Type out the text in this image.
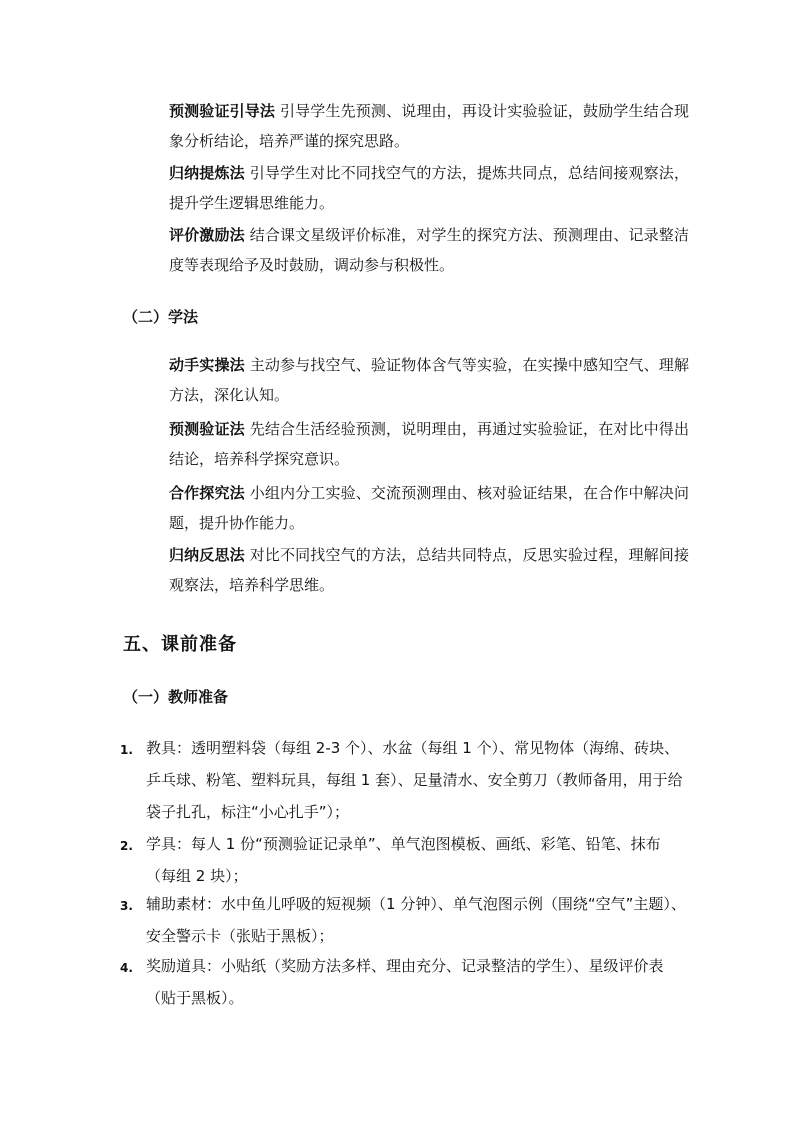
预测验证引导法 引导学生先预测、说理由，再设计实验验证，鼓励学生结合现象分析结论，培养严谨的探究思路。
归纳提炼法 引导学生对比不同找空气的方法，提炼共同点，总结间接观察法，提升学生逻辑思维能力。
评价激励法 结合课文星级评价标准，对学生的探究方法、预测理由、记录整洁度等表现给予及时鼓励，调动参与积极性。
（二）学法
动手实操法 主动参与找空气、验证物体含气等实验，在实操中感知空气、理解方法，深化认知。
预测验证法 先结合生活经验预测，说明理由，再通过实验验证，在对比中得出结论，培养科学探究意识。
合作探究法 小组内分工实验、交流预测理由、核对验证结果，在合作中解决问题，提升协作能力。
归纳反思法 对比不同找空气的方法，总结共同特点，反思实验过程，理解间接观察法，培养科学思维。
五、课前准备
（一）教师准备
1. 教具：透明塑料袋（每组 2-3 个）、水盆（每组 1 个）、常见物体（海绵、砖块、乒乓球、粉笔、塑料玩具，每组 1 套）、足量清水、安全剪刀（教师备用，用于给袋子扎孔，标注“小心扎手”）；
2. 学具：每人 1 份“预测验证记录单”、单气泡图模板、画纸、彩笔、铅笔、抹布（每组 2 块）；
3. 辅助素材：水中鱼儿呼吸的短视频（1 分钟）、单气泡图示例（围绕“空气”主题）、安全警示卡（张贴于黑板）；
4. 奖励道具：小贴纸（奖励方法多样、理由充分、记录整洁的学生）、星级评价表（贴于黑板）。
